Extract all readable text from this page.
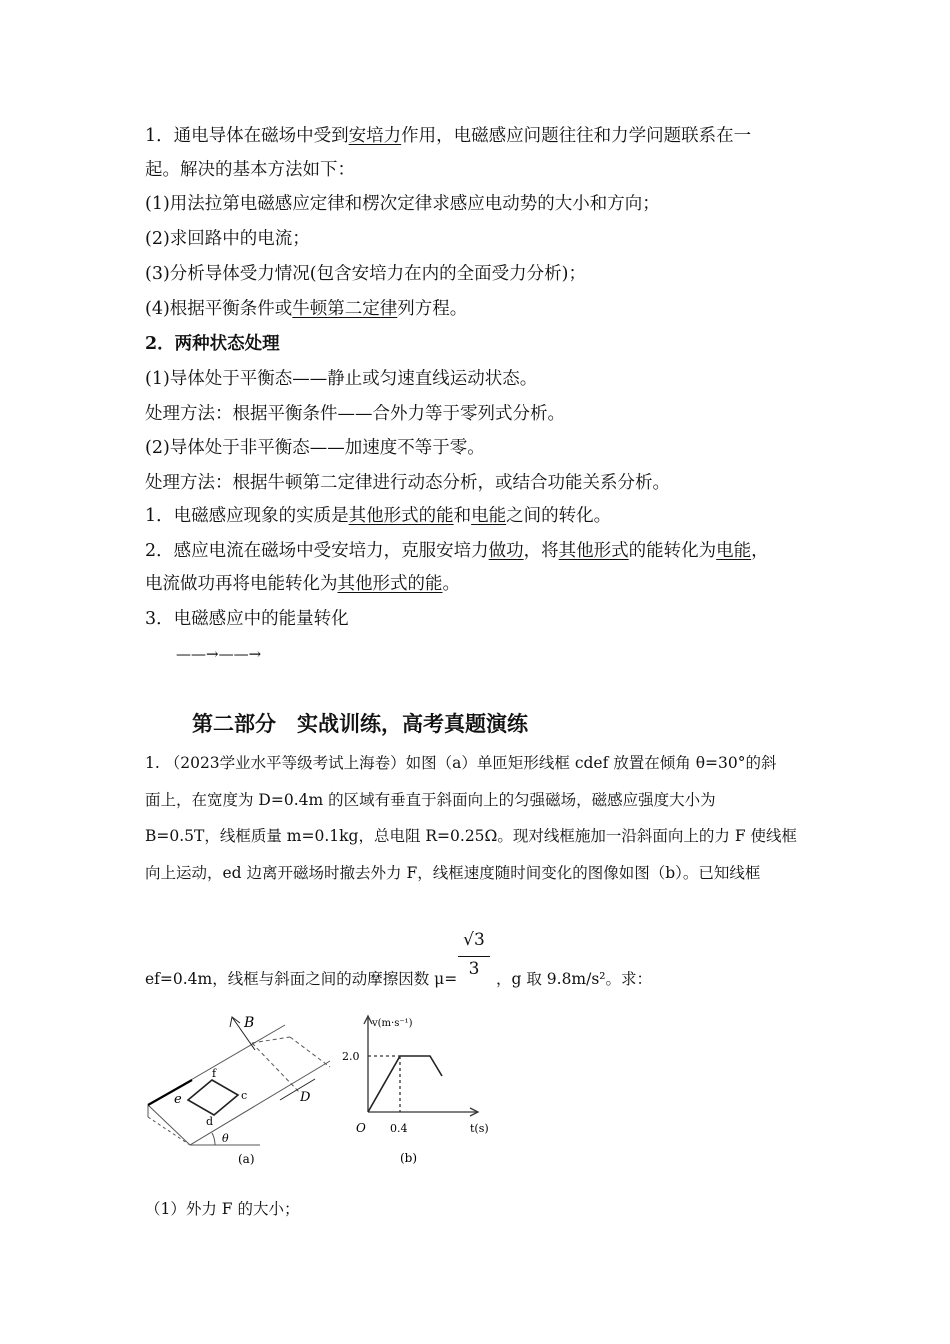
1．通电导体在磁场中受到安培力作用，电磁感应问题往往和力学问题联系在一
起。解决的基本方法如下：
(1)用法拉第电磁感应定律和楞次定律求感应电动势的大小和方向；
(2)求回路中的电流；
(3)分析导体受力情况(包含安培力在内的全面受力分析)；
(4)根据平衡条件或牛顿第二定律列方程。
2．两种状态处理
(1)导体处于平衡态——静止或匀速直线运动状态。
处理方法：根据平衡条件——合外力等于零列式分析。
(2)导体处于非平衡态——加速度不等于零。
处理方法：根据牛顿第二定律进行动态分析，或结合功能关系分析。
1．电磁感应现象的实质是其他形式的能和电能之间的转化。
2．感应电流在磁场中受安培力，克服安培力做功，将其他形式的能转化为电能，
电流做功再将电能转化为其他形式的能。
3．电磁感应中的能量转化
——→——→
第二部分　实战训练，高考真题演练
1. （2023学业水平等级考试上海卷）如图（a）单匝矩形线框 cdef 放置在倾角 θ=30°的斜
面上，在宽度为 D=0.4m 的区域有垂直于斜面向上的匀强磁场，磁感应强度大小为
B=0.5T，线框质量 m=0.1kg，总电阻 R=0.25Ω。现对线框施加一沿斜面向上的力 F 使线框
向上运动，ed 边离开磁场时撤去外力 F，线框速度随时间变化的图像如图（b）。已知线框
ef=0.4m，线框与斜面之间的动摩擦因数 $\mu= \frac{√3}{3}$ ，g 取 9.8m/s²。求：
B
f
e	c
d
D
θ
(a)
v(m·s⁻¹)
2.0
0.4
O	t(s)
(b)
（1）外力 F 的大小；
